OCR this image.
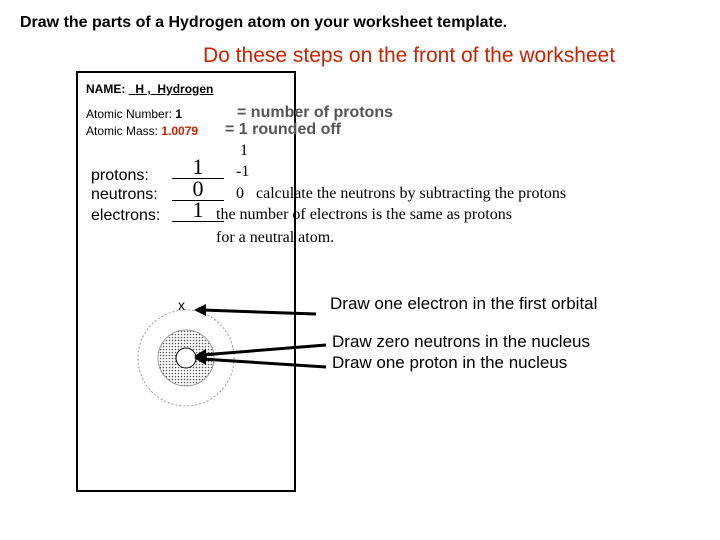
Draw the parts of a Hydrogen atom on your worksheet template.
Do these steps on the front of the worksheet
NAME: H ,  Hydrogen
Atomic Number: 1	= number of protons
Atomic Mass: 1.0079 = 1 rounded off
1
protons:	1	-1
neutrons:	0	0 calculate the neutrons by subtracting the protons
electrons:	1 the number of electrons is the same as protons
for a neutral atom.
x	Draw one electron in the first orbital
Draw zero neutrons in the nucleus
Draw one proton in the nucleus
